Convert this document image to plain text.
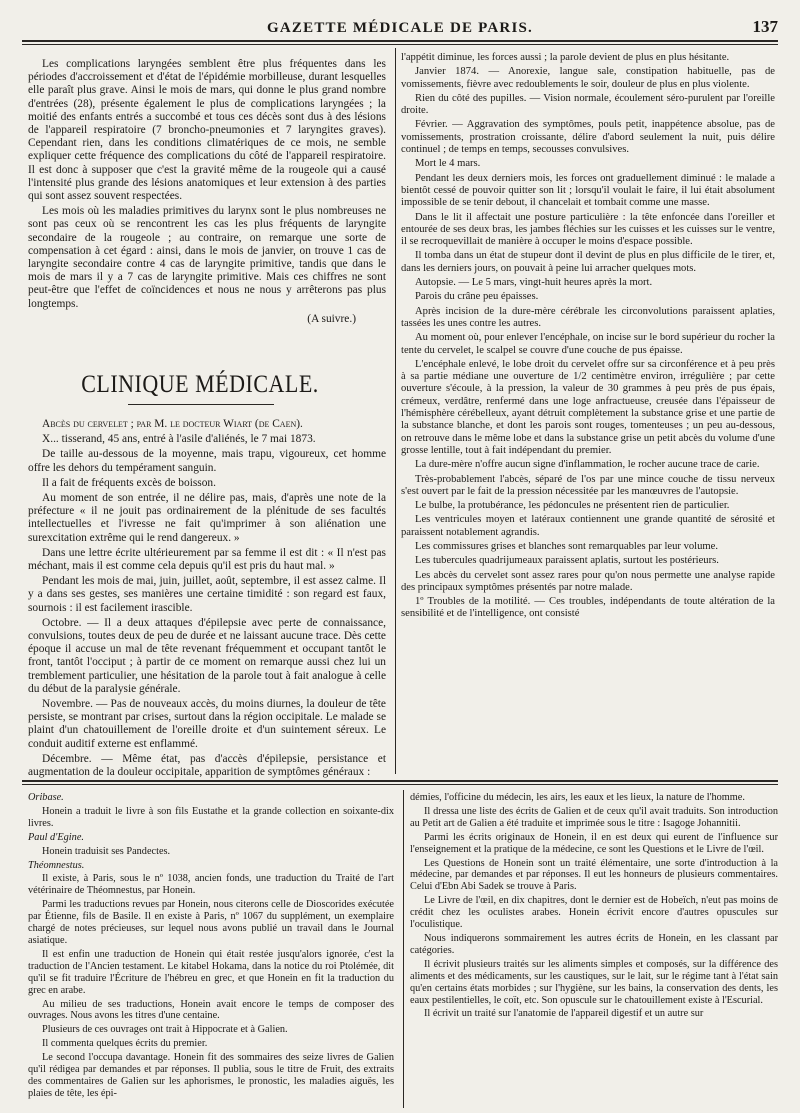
GAZETTE MÉDICALE DE PARIS.	137

Les complications laryngées semblent être plus fréquentes dans les périodes d'accroissement et d'état de l'épidémie morbilleuse, durant lesquelles elle paraît plus grave. Ainsi le mois de mars, qui donne le plus grand nombre d'entrées (28), présente également le plus de complications laryngées ; la moitié des enfants entrés a succombé et tous ces décès sont dus à des lésions de l'appareil respiratoire (7 broncho-pneumonies et 7 laryngites graves). Cependant rien, dans les conditions climatériques de ce mois, ne semble expliquer cette fréquence des complications du côté de l'appareil respiratoire. Il est donc à supposer que c'est la gravité même de la rougeole qui a causé l'intensité plus grande des lésions anatomiques et leur extension à des parties qui sont assez souvent respectées.

Les mois où les maladies primitives du larynx sont le plus nombreuses ne sont pas ceux où se rencontrent les cas les plus fréquents de laryngite secondaire de la rougeole ; au contraire, on remarque une sorte de compensation à cet égard : ainsi, dans le mois de janvier, on trouve 1 cas de laryngite secondaire contre 4 cas de laryngite primitive, tandis que dans le mois de mars il y a 7 cas de laryngite primitive. Mais ces chiffres ne sont peut-être que l'effet de coïncidences et nous ne nous y arrêterons pas plus longtemps.

(A suivre.)

CLINIQUE MÉDICALE.

Abcès du cervelet ; par M. le docteur Wiart (de Caen).

X... tisserand, 45 ans, entré à l'asile d'aliénés, le 7 mai 1873.

De taille au-dessous de la moyenne, mais trapu, vigoureux, cet homme offre les dehors du tempérament sanguin.

Il a fait de fréquents excès de boisson.

Au moment de son entrée, il ne délire pas, mais, d'après une note de la préfecture « il ne jouit pas ordinairement de la plénitude de ses facultés intellectuelles et l'ivresse ne fait qu'imprimer à son aliénation une surexcitation extrême qui le rend dangereux. »

Dans une lettre écrite ultérieurement par sa femme il est dit : « Il n'est pas méchant, mais il est comme cela depuis qu'il est pris du haut mal. »

Pendant les mois de mai, juin, juillet, août, septembre, il est assez calme. Il y a dans ses gestes, ses manières une certaine timidité : son regard est faux, sournois : il est facilement irascible.

Octobre. — Il a deux attaques d'épilepsie avec perte de connaissance, convulsions, toutes deux de peu de durée et ne laissant aucune trace. Dès cette époque il accuse un mal de tête revenant fréquemment et occupant tantôt le front, tantôt l'occiput ; à partir de ce moment on remarque aussi chez lui un tremblement particulier, une hésitation de la parole tout à fait analogue à celle du début de la paralysie générale.

Novembre. — Pas de nouveaux accès, du moins diurnes, la douleur de tête persiste, se montrant par crises, surtout dans la région occipitale. Le malade se plaint d'un chatouillement de l'oreille droite et d'un suintement séreux. Le conduit auditif externe est enflammé.

Décembre. — Même état, pas d'accès d'épilepsie, persistance et augmentation de la douleur occipitale, apparition de symptômes généraux :

l'appétit diminue, les forces aussi ; la parole devient de plus en plus hésitante.

Janvier 1874. — Anorexie, langue sale, constipation habituelle, pas de vomissements, fièvre avec redoublements le soir, douleur de plus en plus violente.

Rien du côté des pupilles. — Vision normale, écoulement séro-purulent par l'oreille droite.

Février. — Aggravation des symptômes, pouls petit, inappétence absolue, pas de vomissements, prostration croissante, délire d'abord seulement la nuit, puis délire continuel ; de temps en temps, secousses convulsives.

Mort le 4 mars.

Pendant les deux derniers mois, les forces ont graduellement diminué : le malade a bientôt cessé de pouvoir quitter son lit ; lorsqu'il voulait le faire, il lui était absolument impossible de se tenir debout, il chancelait et tombait comme une masse.

Dans le lit il affectait une posture particulière : la tête enfoncée dans l'oreiller et entourée de ses deux bras, les jambes fléchies sur les cuisses et les cuisses sur le ventre, il se recroquevillait de manière à occuper le moins d'espace possible.

Il tomba dans un état de stupeur dont il devint de plus en plus difficile de le tirer, et, dans les derniers jours, on pouvait à peine lui arracher quelques mots.

Autopsie. — Le 5 mars, vingt-huit heures après la mort.

Parois du crâne peu épaisses.

Après incision de la dure-mère cérébrale les circonvolutions paraissent aplaties, tassées les unes contre les autres.

Au moment où, pour enlever l'encéphale, on incise sur le bord supérieur du rocher la tente du cervelet, le scalpel se couvre d'une couche de pus épaisse.

L'encéphale enlevé, le lobe droit du cervelet offre sur sa circonférence et à peu près à sa partie médiane une ouverture de 1/2 centimètre environ, irrégulière ; par cette ouverture s'écoule, à la pression, la valeur de 30 grammes à peu près de pus épais, crémeux, verdâtre, renfermé dans une loge anfractueuse, creusée dans l'épaisseur de l'hémisphère cérébelleux, ayant détruit complètement la substance grise et une partie de la substance blanche, et dont les parois sont rouges, tomenteuses ; un peu au-dessous, on retrouve dans le même lobe et dans la substance grise un petit abcès du volume d'une grosse lentille, tout à fait indépendant du premier.

La dure-mère n'offre aucun signe d'inflammation, le rocher aucune trace de carie.

Très-probablement l'abcès, séparé de l'os par une mince couche de tissu nerveux s'est ouvert par le fait de la pression nécessitée par les manœuvres de l'autopsie.

Le bulbe, la protubérance, les pédoncules ne présentent rien de particulier.

Les ventricules moyen et latéraux contiennent une grande quantité de sérosité et paraissent notablement agrandis.

Les commissures grises et blanches sont remarquables par leur volume.

Les tubercules quadrijumeaux paraissent aplatis, surtout les postérieurs.

Les abcès du cervelet sont assez rares pour qu'on nous permette une analyse rapide des principaux symptômes présentés par notre malade.

1º Troubles de la motilité. — Ces troubles, indépendants de toute altération de la sensibilité et de l'intelligence, ont consisté

Oribase.

Honein a traduit le livre à son fils Eustathe et la grande collection en soixante-dix livres.

Paul d'Egine.

Honein traduisit ses Pandectes.

Théomnestus.

Il existe, à Paris, sous le nº 1038, ancien fonds, une traduction du Traité de l'art vétérinaire de Théomnestus, par Honein.

Parmi les traductions revues par Honein, nous citerons celle de Dioscorides exécutée par Étienne, fils de Basile. Il en existe à Paris, nº 1067 du supplément, un exemplaire chargé de notes précieuses, sur lequel nous avons publié un travail dans le Journal asiatique.

Il est enfin une traduction de Honein qui était restée jusqu'alors ignorée, c'est la traduction de l'Ancien testament. Le kitabel Hokama, dans la notice du roi Ptolémée, dit qu'il se fit traduire l'Écriture de l'hébreu en grec, et que Honein en fit la traduction du grec en arabe.

Au milieu de ses traductions, Honein avait encore le temps de composer des ouvrages. Nous avons les titres d'une centaine.

Plusieurs de ces ouvrages ont trait à Hippocrate et à Galien.

Il commenta quelques écrits du premier.

Le second l'occupa davantage. Honein fit des sommaires des seize livres de Galien qu'il rédigea par demandes et par réponses. Il publia, sous le titre de Fruit, des extraits des commentaires de Galien sur les aphorismes, le pronostic, les maladies aiguës, les plaies de tête, les épi-

démies, l'officine du médecin, les airs, les eaux et les lieux, la nature de l'homme.

Il dressa une liste des écrits de Galien et de ceux qu'il avait traduits. Son introduction au Petit art de Galien a été traduite et imprimée sous le titre : Isagoge Johannitii.

Parmi les écrits originaux de Honein, il en est deux qui eurent de l'influence sur l'enseignement et la pratique de la médecine, ce sont les Questions et le Livre de l'œil.

Les Questions de Honein sont un traité élémentaire, une sorte d'introduction à la médecine, par demandes et par réponses. Il eut les honneurs de plusieurs commentaires. Celui d'Ebn Abi Sadek se trouve à Paris.

Le Livre de l'œil, en dix chapitres, dont le dernier est de Hobeïch, n'eut pas moins de crédit chez les oculistes arabes. Honein écrivit encore d'autres opuscules sur l'oculistique.

Nous indiquerons sommairement les autres écrits de Honein, en les classant par catégories.

Il écrivit plusieurs traités sur les aliments simples et composés, sur la différence des aliments et des médicaments, sur les caustiques, sur le lait, sur le régime tant à l'état sain qu'en certains états morbides ; sur l'hygiène, sur les bains, la conservation des dents, les eaux pestilentielles, le coït, etc. Son opuscule sur le chatouillement existe à l'Escurial.

Il écrivit un traité sur l'anatomie de l'appareil digestif et un autre sur
